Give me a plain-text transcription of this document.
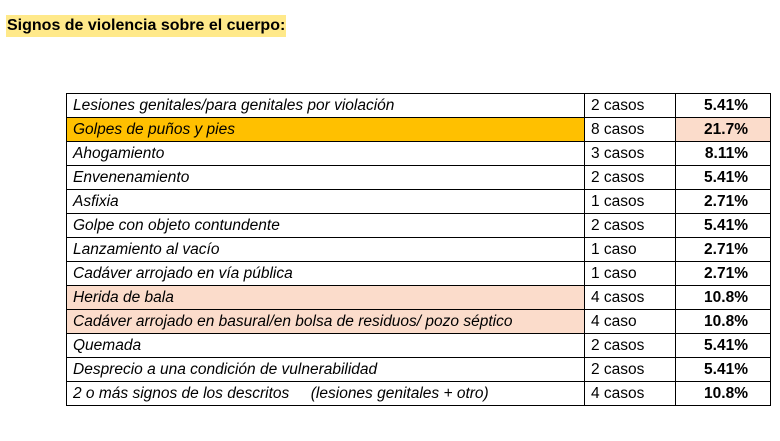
Signos de violencia sobre el cuerpo:
Lesiones genitales/para genitales por violación	2 casos	5.41%
Golpes de puños y pies	8 casos	21.7%
Ahogamiento	3 casos	8.11%
Envenenamiento	2 casos	5.41%
Asfixia	1 casos	2.71%
Golpe con objeto contundente	2 casos	5.41%
Lanzamiento al vacío	1 caso	2.71%
Cadáver arrojado en vía pública	1 caso	2.71%
Herida de bala	4 casos	10.8%
Cadáver arrojado en basural/en bolsa de residuos/ pozo séptico	4 caso	10.8%
Quemada	2 casos	5.41%
Desprecio a una condición de vulnerabilidad	2 casos	5.41%
2 o más signos de los descritos     (lesiones genitales + otro)	4 casos	10.8%
